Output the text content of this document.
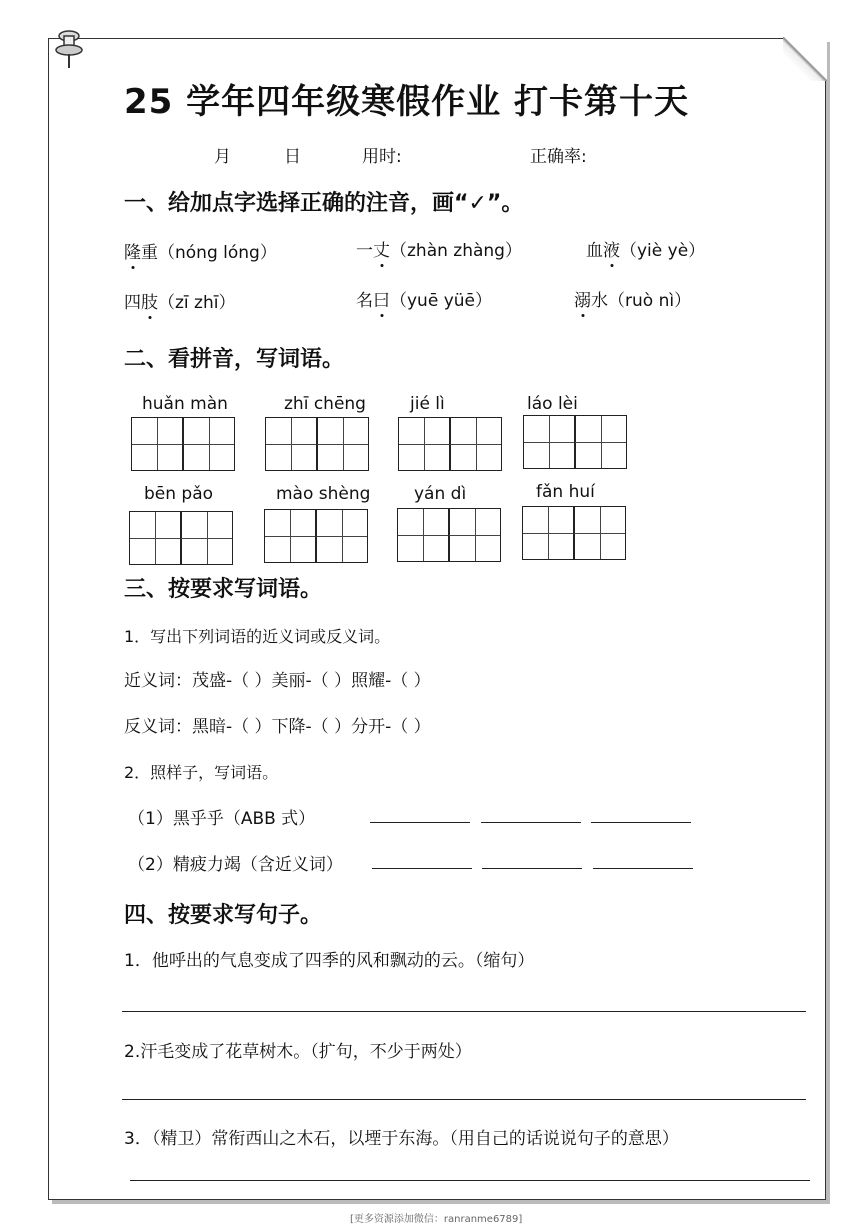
25 学年四年级寒假作业 打卡第十天
月	日	用时:	正确率:
一、给加点字选择正确的注音，画“✓”。
隆重（nóng lóng）	一丈（zhàn zhàng）	血液（yiè yè）
四肢（zī zhī）	名曰（yuē yüē）	溺水（ruò nì）
二、看拼音，写词语。
huǎn màn	zhī chēng	jié lì	láo lèi
bēn pǎo	mào shèng	yán dì	fǎn huí
三、按要求写词语。
1．写出下列词语的近义词或反义词。
近义词：茂盛-（ ）美丽-（ ）照耀-（ ）
反义词：黑暗-（ ）下降-（ ）分开-（ ）
2．照样子，写词语。
（1）黑乎乎（ABB 式）
（2）精疲力竭（含近义词）
四、按要求写句子。
1．他呼出的气息变成了四季的风和飘动的云。（缩句）
2.汗毛变成了花草树木。（扩句，不少于两处）
3．（精卫）常衔西山之木石，以堙于东海。（用自己的话说说句子的意思）
[更多资源添加微信：ranranme6789]
